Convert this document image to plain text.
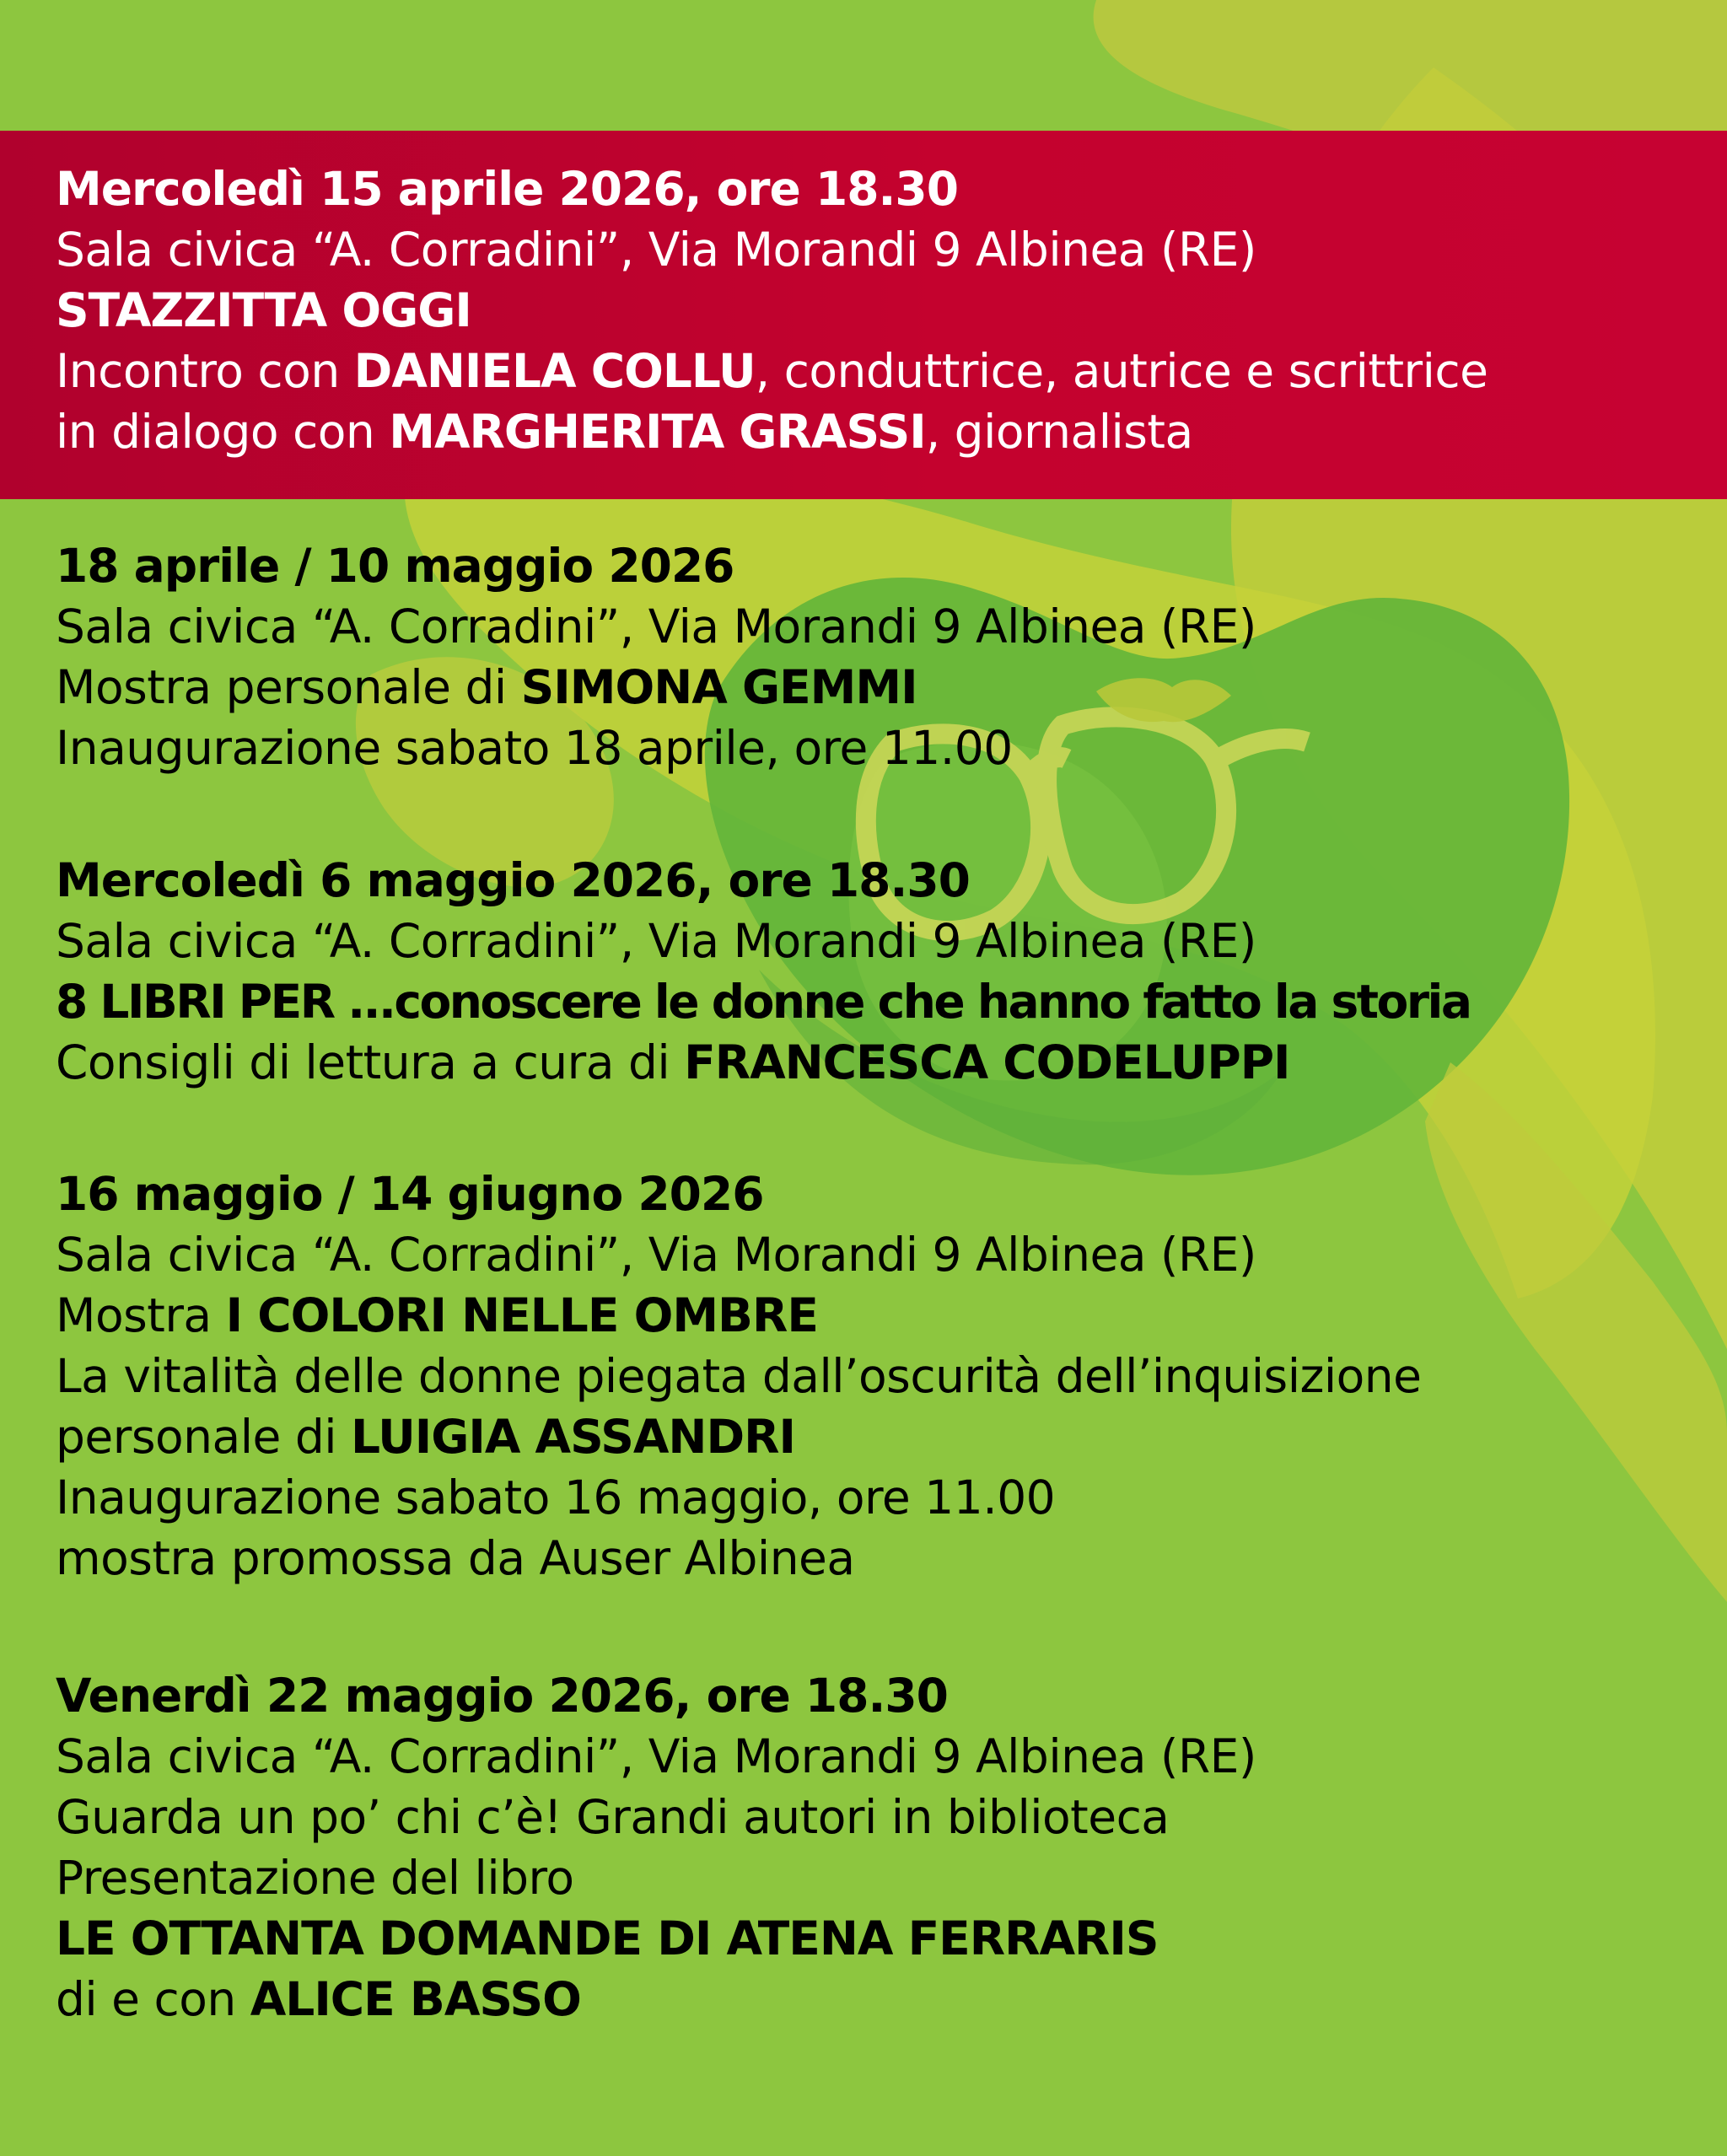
Mercoledì 15 aprile 2026, ore 18.30
Sala civica “A. Corradini”, Via Morandi 9 Albinea (RE)
STAZZITTA OGGI
Incontro con DANIELA COLLU, conduttrice, autrice e scrittrice
in dialogo con MARGHERITA GRASSI, giornalista
18 aprile / 10 maggio 2026
Sala civica “A. Corradini”, Via Morandi 9 Albinea (RE)
Mostra personale di SIMONA GEMMI
Inaugurazione sabato 18 aprile, ore 11.00
Mercoledì 6 maggio 2026, ore 18.30
Sala civica “A. Corradini”, Via Morandi 9 Albinea (RE)
8 LIBRI PER ...conoscere le donne che hanno fatto la storia
Consigli di lettura a cura di FRANCESCA CODELUPPI
16 maggio / 14 giugno 2026
Sala civica “A. Corradini”, Via Morandi 9 Albinea (RE)
Mostra I COLORI NELLE OMBRE
La vitalità delle donne piegata dall’oscurità dell’inquisizione
personale di LUIGIA ASSANDRI
Inaugurazione sabato 16 maggio, ore 11.00
mostra promossa da Auser Albinea
Venerdì 22 maggio 2026, ore 18.30
Sala civica “A. Corradini”, Via Morandi 9 Albinea (RE)
Guarda un po’ chi c’è! Grandi autori in biblioteca
Presentazione del libro
LE OTTANTA DOMANDE DI ATENA FERRARIS
di e con ALICE BASSO
